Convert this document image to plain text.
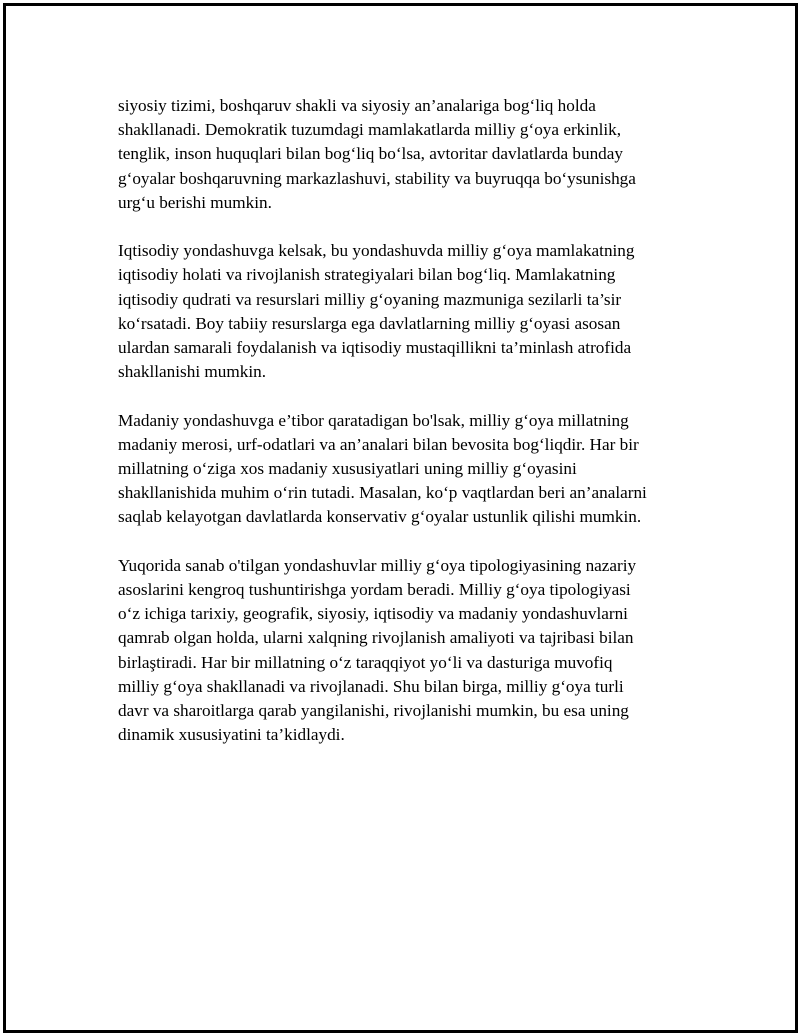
siyosiy tizimi, boshqaruv shakli va siyosiy an’analariga bog‘liq holda
shakllanadi. Demokratik tuzumdagi mamlakatlarda milliy g‘oya erkinlik,
tenglik, inson huquqlari bilan bog‘liq bo‘lsa, avtoritar davlatlarda bunday
g‘oyalar boshqaruvning markazlashuvi, stability va buyruqqa bo‘ysunishga
urg‘u berishi mumkin.

Iqtisodiy yondashuvga kelsak, bu yondashuvda milliy g‘oya mamlakatning
iqtisodiy holati va rivojlanish strategiyalari bilan bog‘liq. Mamlakatning
iqtisodiy qudrati va resurslari milliy g‘oyaning mazmuniga sezilarli ta’sir
ko‘rsatadi. Boy tabiiy resurslarga ega davlatlarning milliy g‘oyasi asosan
ulardan samarali foydalanish va iqtisodiy mustaqillikni ta’minlash atrofida
shakllanishi mumkin.

Madaniy yondashuvga e’tibor qaratadigan bo'lsak, milliy g‘oya millatning
madaniy merosi, urf-odatlari va an’analari bilan bevosita bog‘liqdir. Har bir
millatning o‘ziga xos madaniy xususiyatlari uning milliy g‘oyasini
shakllanishida muhim o‘rin tutadi. Masalan, ko‘p vaqtlardan beri an’analarni
saqlab kelayotgan davlatlarda konservativ g‘oyalar ustunlik qilishi mumkin.

Yuqorida sanab o'tilgan yondashuvlar milliy g‘oya tipologiyasining nazariy
asoslarini kengroq tushuntirishga yordam beradi. Milliy g‘oya tipologiyasi
o‘z ichiga tarixiy, geografik, siyosiy, iqtisodiy va madaniy yondashuvlarni
qamrab olgan holda, ularni xalqning rivojlanish amaliyoti va tajribasi bilan
birlaştiradi. Har bir millatning o‘z taraqqiyot yo‘li va dasturiga muvofiq
milliy g‘oya shakllanadi va rivojlanadi. Shu bilan birga, milliy g‘oya turli
davr va sharoitlarga qarab yangilanishi, rivojlanishi mumkin, bu esa uning
dinamik xususiyatini ta’kidlaydi.
